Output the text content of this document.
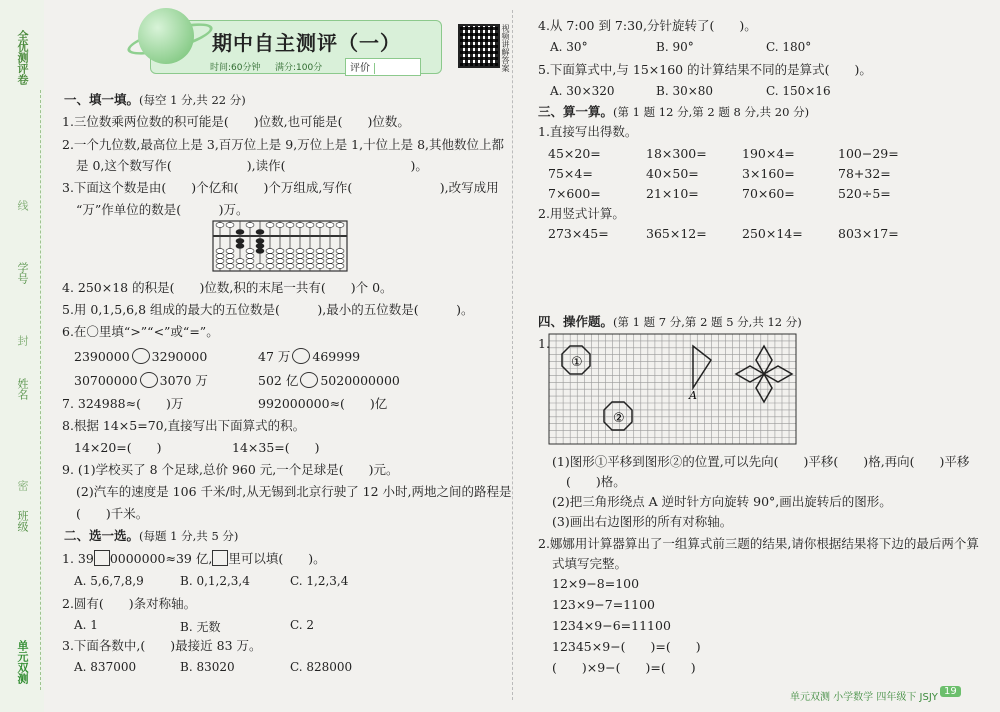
全优测评卷
线
学号
封
姓名
密
班级
单元双测
期中自主测评（一）
时间:60分钟 满分:100分	评价	视频讲解答案
一、填一填。(每空 1 分,共 22 分)
1.三位数乘两位数的积可能是(　　)位数,也可能是(　　)位数。
2.一个九位数,最高位上是 3,百万位上是 9,万位上是 1,十位上是 8,其他数位上都
是 0,这个数写作(　　　　　　),读作(　　　　　　　　　　)。
3.下面这个数是由(　　)个亿和(　　)个万组成,写作(　　　　　　　),改写成用
“万”作单位的数是(　　　)万。
4. 250×18 的积是(　　)位数,积的末尾一共有(　　)个 0。
5.用 0,1,5,6,8 组成的最大的五位数是(　　　),最小的五位数是(　　　)。
6.在〇里填“>”“<”或“=”。
2390000 3290000	47 万 469999
30700000 3070 万	502 亿 5020000000
7. 324988≈(　　)万	992000000≈(　　)亿
8.根据 14×5=70,直接写出下面算式的积。
14×20=(　　)	14×35=(　　)
9. (1)学校买了 8 个足球,总价 960 元,一个足球是(　　)元。
(2)汽车的速度是 106 千米/时,从无锡到北京行驶了 12 小时,两地之间的路程是
(　　)千米。
二、选一选。(每题 1 分,共 5 分)
1. 39 0000000≈39 亿, 里可以填(　　)。
A. 5,6,7,8,9	B. 0,1,2,3,4	C. 1,2,3,4
2.圆有(　　)条对称轴。
A. 1	B. 无数	C. 2
3.下面各数中,(　　)最接近 83 万。
A. 837000	B. 83020	C. 828000
4.从 7:00 到 7:30,分针旋转了(　　)。
A. 30°	B. 90°	C. 180°
5.下面算式中,与 15×160 的计算结果不同的是算式(　　)。
A. 30×320	B. 30×80	C. 150×16
三、算一算。(第 1 题 12 分,第 2 题 8 分,共 20 分)
1.直接写出得数。
45×20=	18×300=	190×4=	100−29=
75×4=	40×50=	3×160=	78+32=
7×600=	21×10=	70×60=	520÷5=
2.用竖式计算。
273×45=	365×12=	250×14=	803×17=
四、操作题。(第 1 题 7 分,第 2 题 5 分,共 12 分)
1.
①
②
A
(1)图形①平移到图形②的位置,可以先向(　　)平移(　　)格,再向(　　)平移
(　　)格。
(2)把三角形绕点 A 逆时针方向旋转 90°,画出旋转后的图形。
(3)画出右边图形的所有对称轴。
2.娜娜用计算器算出了一组算式前三题的结果,请你根据结果将下边的最后两个算
式填写完整。
12×9−8=100
123×9−7=1100
1234×9−6=11100
12345×9−(　　)=(　　)
(　　)×9−(　　)=(　　)
单元双测 小学数学 四年级下 JSJY
19
